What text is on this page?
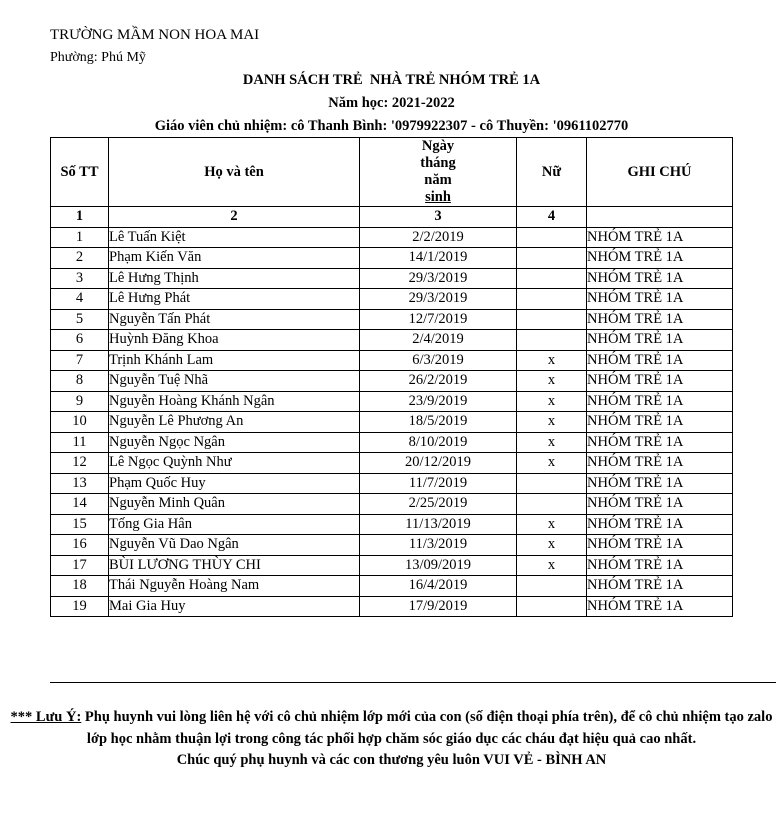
TRƯỜNG MẦM NON HOA MAI
Phường: Phú Mỹ
DANH SÁCH TRẺ  NHÀ TRẺ NHÓM TRẺ 1A
Năm học: 2021-2022
Giáo viên chủ nhiệm: cô Thanh Bình: '0979922307 - cô Thuyền: '0961102770
Số TT	Họ và tên	Ngày
tháng
năm
sinh	Nữ	GHI CHÚ
1	2	3	4	
1	Lê Tuấn Kiệt	2/2/2019		NHÓM TRẺ 1A
2	Phạm Kiến Văn	14/1/2019		NHÓM TRẺ 1A
3	Lê Hưng Thịnh	29/3/2019		NHÓM TRẺ 1A
4	Lê Hưng Phát	29/3/2019		NHÓM TRẺ 1A
5	Nguyễn Tấn Phát	12/7/2019		NHÓM TRẺ 1A
6	Huỳnh Đăng Khoa	2/4/2019		NHÓM TRẺ 1A
7	Trịnh Khánh Lam	6/3/2019	x	NHÓM TRẺ 1A
8	Nguyễn Tuệ Nhã	26/2/2019	x	NHÓM TRẺ 1A
9	Nguyễn Hoàng Khánh Ngân	23/9/2019	x	NHÓM TRẺ 1A
10	Nguyễn Lê Phương An	18/5/2019	x	NHÓM TRẺ 1A
11	Nguyễn Ngọc Ngân	8/10/2019	x	NHÓM TRẺ 1A
12	Lê Ngọc Quỳnh Như	20/12/2019	x	NHÓM TRẺ 1A
13	Phạm Quốc Huy	11/7/2019		NHÓM TRẺ 1A
14	Nguyễn Minh Quân	2/25/2019		NHÓM TRẺ 1A
15	Tống Gia Hân	11/13/2019	x	NHÓM TRẺ 1A
16	Nguyễn Vũ Dao Ngân	11/3/2019	x	NHÓM TRẺ 1A
17	BÙI LƯƠNG THÙY CHI	13/09/2019	x	NHÓM TRẺ 1A
18	Thái Nguyễn Hoàng Nam	16/4/2019		NHÓM TRẺ 1A
19	Mai Gia Huy	17/9/2019		NHÓM TRẺ 1A
*** Lưu Ý: Phụ huynh vui lòng liên hệ với cô chủ nhiệm lớp mới của con (số điện thoại phía trên), để cô chủ nhiệm tạo zalo lớp học nhằm thuận lợi trong công tác phối hợp chăm sóc giáo dục các cháu đạt hiệu quả cao nhất.
Chúc quý phụ huynh và các con thương yêu luôn VUI VẺ - BÌNH AN
